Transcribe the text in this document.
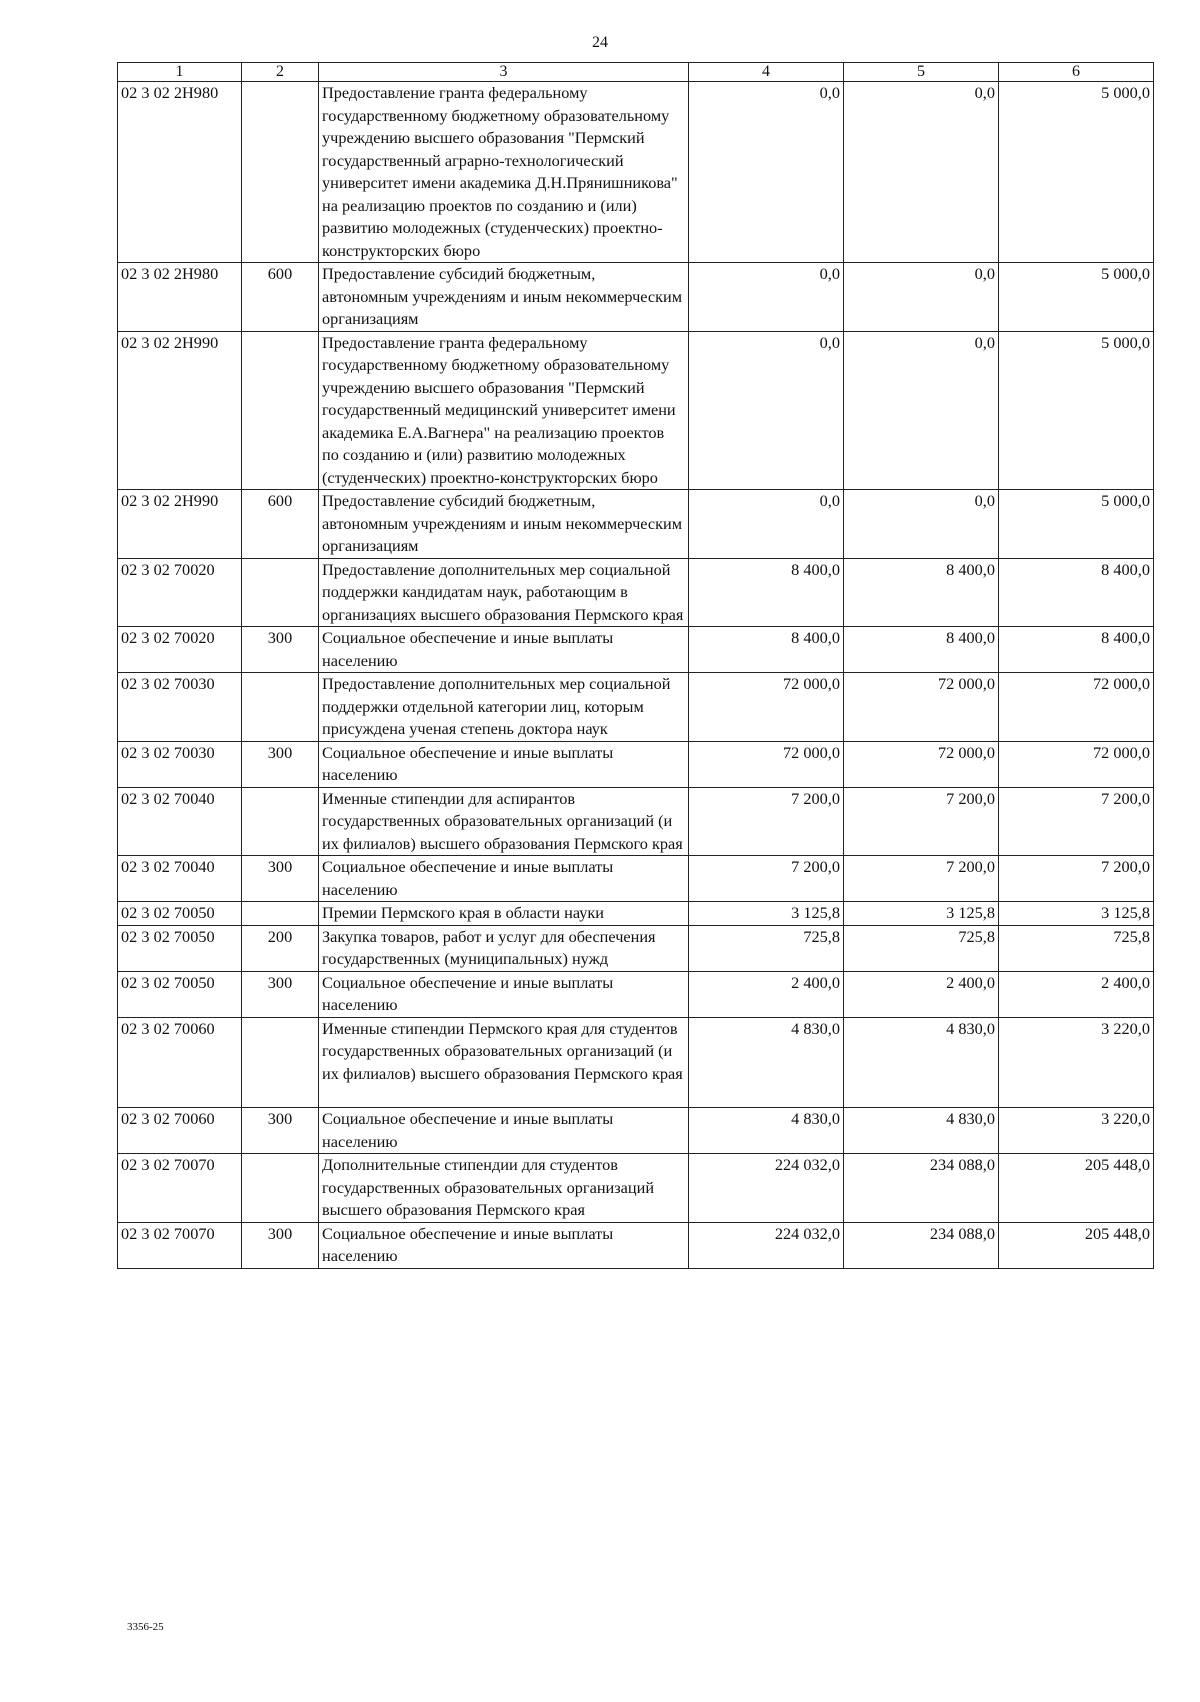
24
1	2	3	4	5	6
02 3 02 2Н980		Предоставление гранта федеральному государственному бюджетному образовательному учреждению высшего образования "Пермский государственный аграрно-технологический университет имени академика Д.Н.Прянишникова" на реализацию проектов по созданию и (или) развитию молодежных (студенческих) проектно-конструкторских бюро	0,0	0,0	5 000,0
02 3 02 2Н980	600	Предоставление субсидий бюджетным, автономным учреждениям и иным некоммерческим организациям	0,0	0,0	5 000,0
02 3 02 2Н990		Предоставление гранта федеральному государственному бюджетному образовательному учреждению высшего образования "Пермский государственный медицинский университет имени академика Е.А.Вагнера" на реализацию проектов по созданию и (или) развитию молодежных (студенческих) проектно-конструкторских бюро	0,0	0,0	5 000,0
02 3 02 2Н990	600	Предоставление субсидий бюджетным, автономным учреждениям и иным некоммерческим организациям	0,0	0,0	5 000,0
02 3 02 70020		Предоставление дополнительных мер социальной поддержки кандидатам наук, работающим в организациях высшего образования Пермского края	8 400,0	8 400,0	8 400,0
02 3 02 70020	300	Социальное обеспечение и иные выплаты населению	8 400,0	8 400,0	8 400,0
02 3 02 70030		Предоставление дополнительных мер социальной поддержки отдельной категории лиц, которым присуждена ученая степень доктора наук	72 000,0	72 000,0	72 000,0
02 3 02 70030	300	Социальное обеспечение и иные выплаты населению	72 000,0	72 000,0	72 000,0
02 3 02 70040		Именные стипендии для аспирантов государственных образовательных организаций (и их филиалов) высшего образования Пермского края	7 200,0	7 200,0	7 200,0
02 3 02 70040	300	Социальное обеспечение и иные выплаты населению	7 200,0	7 200,0	7 200,0
02 3 02 70050		Премии Пермского края в области науки	3 125,8	3 125,8	3 125,8
02 3 02 70050	200	Закупка товаров, работ и услуг для обеспечения государственных (муниципальных) нужд	725,8	725,8	725,8
02 3 02 70050	300	Социальное обеспечение и иные выплаты населению	2 400,0	2 400,0	2 400,0
02 3 02 70060		Именные стипендии Пермского края для студентов государственных образовательных организаций (и их филиалов) высшего образования Пермского края	4 830,0	4 830,0	3 220,0
02 3 02 70060	300	Социальное обеспечение и иные выплаты населению	4 830,0	4 830,0	3 220,0
02 3 02 70070		Дополнительные стипендии для студентов государственных образовательных организаций высшего образования Пермского края	224 032,0	234 088,0	205 448,0
02 3 02 70070	300	Социальное обеспечение и иные выплаты населению	224 032,0	234 088,0	205 448,0
3356-25
